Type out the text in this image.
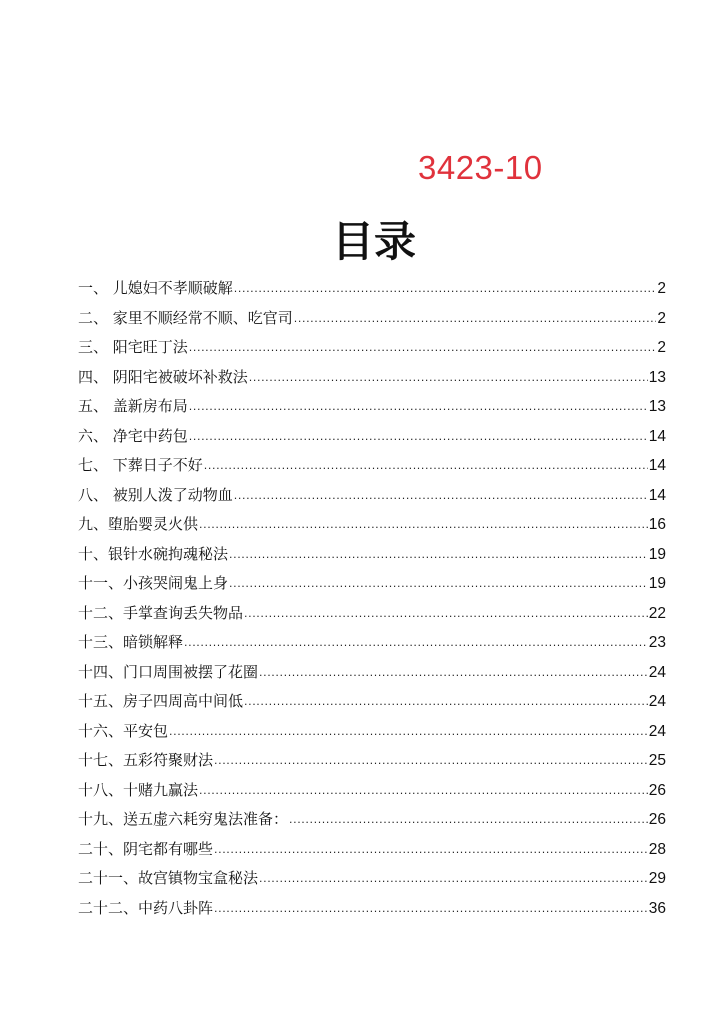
3423-10
目录
一、 儿媳妇不孝顺破解 .....	2
二、 家里不顺经常不顺、吃官司 .....	2
三、 阳宅旺丁法 .....	2
四、 阴阳宅被破坏补救法 .....	13
五、 盖新房布局 .....	13
六、 净宅中药包 .....	14
七、 下葬日子不好 .....	14
八、 被别人泼了动物血 .....	14
九、堕胎婴灵火供 .....	16
十、银针水碗拘魂秘法 .....	19
十一、小孩哭闹鬼上身 .....	19
十二、手掌查询丢失物品 .....	22
十三、暗锁解释 .....	23
十四、门口周围被摆了花圈 .....	24
十五、房子四周高中间低 .....	24
十六、平安包 .....	24
十七、五彩符聚财法 .....	25
十八、十赌九赢法 .....	26
十九、送五虚六耗穷鬼法准备： .....	26
二十、阴宅都有哪些 .....	28
二十一、故宫镇物宝盒秘法 .....	29
二十二、中药八卦阵 .....	36
